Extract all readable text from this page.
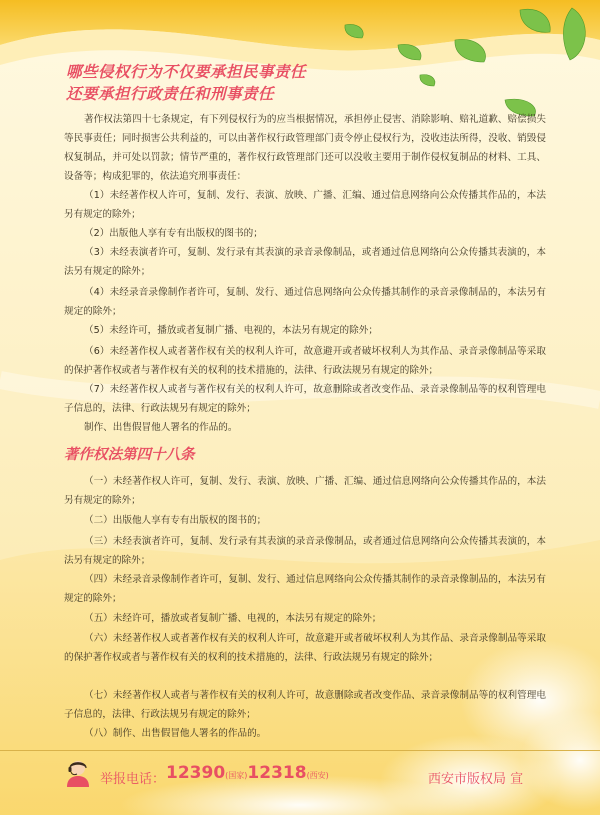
哪些侵权行为不仅要承担民事责任
还要承担行政责任和刑事责任
著作权法第四十七条规定，有下列侵权行为的应当根据情况，承担停止侵害、消除影响、赔礼道歉、赔偿损失等民事责任；同时损害公共利益的，可以由著作权行政管理部门责令停止侵权行为，没收违法所得，没收、销毁侵权复制品，并可处以罚款；情节严重的，著作权行政管理部门还可以没收主要用于制作侵权复制品的材料、工具、设备等；构成犯罪的，依法追究刑事责任：
（1）未经著作权人许可，复制、发行、表演、放映、广播、汇编、通过信息网络向公众传播其作品的，本法另有规定的除外；
（2）出版他人享有专有出版权的图书的；
（3）未经表演者许可，复制、发行录有其表演的录音录像制品，或者通过信息网络向公众传播其表演的，本法另有规定的除外；
（4）未经录音录像制作者许可，复制、发行、通过信息网络向公众传播其制作的录音录像制品的，本法另有规定的除外；
（5）未经许可，播放或者复制广播、电视的，本法另有规定的除外；
（6）未经著作权人或者著作权有关的权利人许可，故意避开或者破坏权利人为其作品、录音录像制品等采取的保护著作权或者与著作权有关的权利的技术措施的，法律、行政法规另有规定的除外；
（7）未经著作权人或者与著作权有关的权利人许可，故意删除或者改变作品、录音录像制品等的权利管理电子信息的，法律、行政法规另有规定的除外；
制作、出售假冒他人署名的作品的。
著作权法第四十八条
（一）未经著作权人许可，复制、发行、表演、放映、广播、汇编、通过信息网络向公众传播其作品的，本法另有规定的除外；
（二）出版他人享有专有出版权的图书的；
（三）未经表演者许可，复制、发行录有其表演的录音录像制品，或者通过信息网络向公众传播其表演的，本法另有规定的除外；
（四）未经录音录像制作者许可，复制、发行、通过信息网络向公众传播其制作的录音录像制品的，本法另有规定的除外；
（五）未经许可，播放或者复制广播、电视的，本法另有规定的除外；
（六）未经著作权人或者著作权有关的权利人许可，故意避开或者破坏权利人为其作品、录音录像制品等采取的保护著作权或者与著作权有关的权利的技术措施的，法律、行政法规另有规定的除外；
（七）未经著作权人或者与著作权有关的权利人许可，故意删除或者改变作品、录音录像制品等的权利管理电子信息的，法律、行政法规另有规定的除外；
（八）制作、出售假冒他人署名的作品的。
举报电话： 12390(国家)12318(西安)	西安市版权局 宣
